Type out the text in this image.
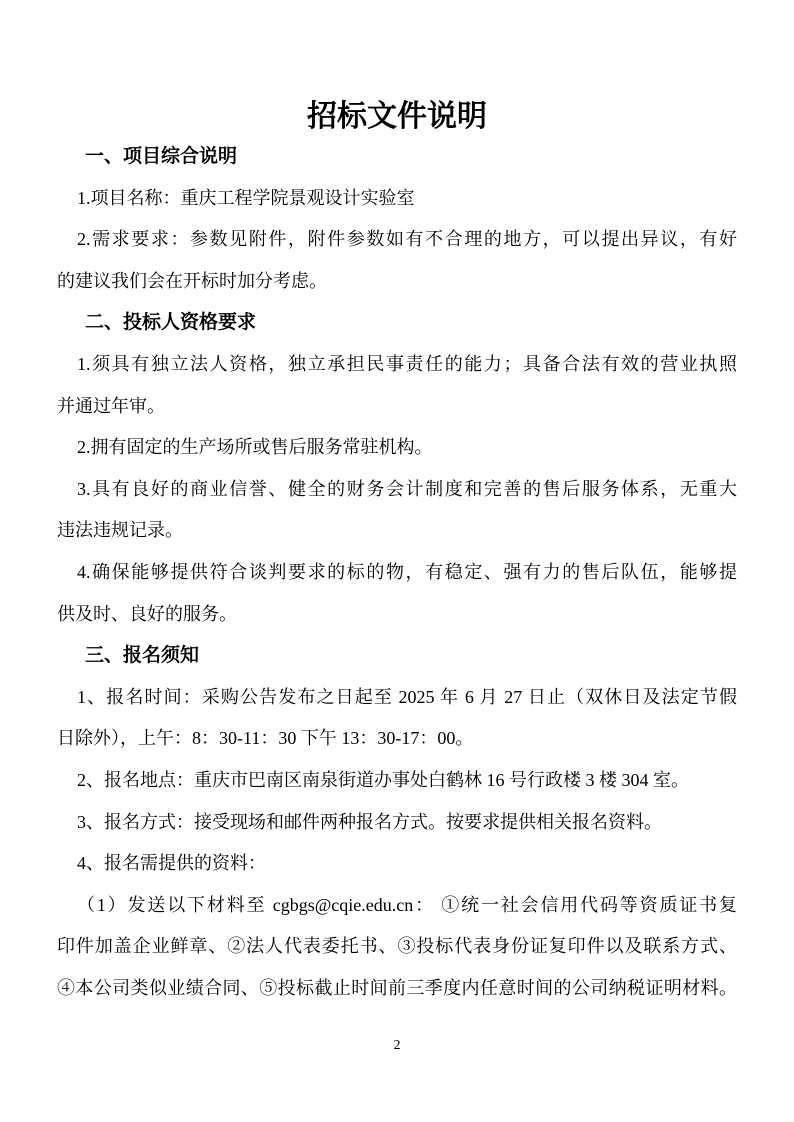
招标文件说明
一、项目综合说明
1.项目名称：重庆工程学院景观设计实验室
2.需求要求：参数见附件，附件参数如有不合理的地方，可以提出异议，有好
的建议我们会在开标时加分考虑。
二、投标人资格要求
1.须具有独立法人资格，独立承担民事责任的能力；具备合法有效的营业执照
并通过年审。
2.拥有固定的生产场所或售后服务常驻机构。
3.具有良好的商业信誉、健全的财务会计制度和完善的售后服务体系，无重大
违法违规记录。
4.确保能够提供符合谈判要求的标的物，有稳定、强有力的售后队伍，能够提
供及时、良好的服务。
三、报名须知
1、报名时间：采购公告发布之日起至 2025 年 6 月 27 日止（双休日及法定节假
日除外），上午：8：30-11：30 下午 13：30-17：00。
2、报名地点：重庆市巴南区南泉街道办事处白鹤林 16 号行政楼 3 楼 304 室。
3、报名方式：接受现场和邮件两种报名方式。按要求提供相关报名资料。
4、报名需提供的资料：
（1）发送以下材料至 cgbgs@cqie.edu.cn： ①统一社会信用代码等资质证书复
印件加盖企业鲜章、②法人代表委托书、③投标代表身份证复印件以及联系方式、
④本公司类似业绩合同、⑤投标截止时间前三季度内任意时间的公司纳税证明材料。
2
